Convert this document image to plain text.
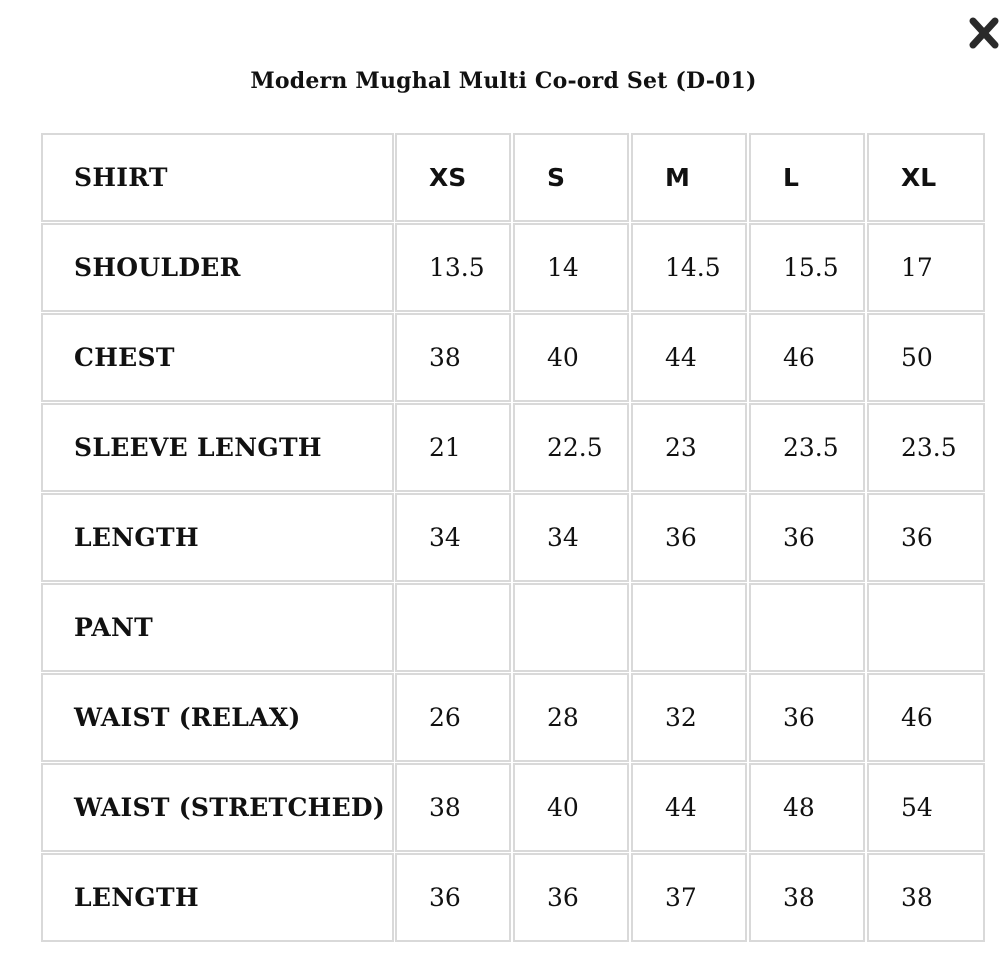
Modern Mughal Multi Co-ord Set (D-01)
SHIRT	XS	S	M	L	XL
SHOULDER	13.5	14	14.5	15.5	17
CHEST	38	40	44	46	50
SLEEVE LENGTH	21	22.5	23	23.5	23.5
LENGTH	34	34	36	36	36
PANT
WAIST (RELAX)	26	28	32	36	46
WAIST (STRETCHED)	38	40	44	48	54
LENGTH	36	36	37	38	38
